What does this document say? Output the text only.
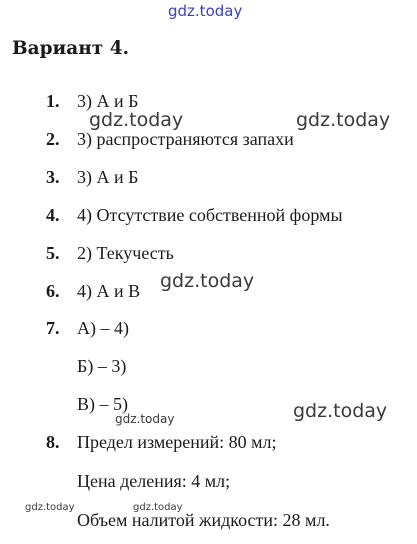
gdz.today
Вариант 4.
1. 3) А и Б
2. 3) распространяются запахи
3. 3) А и Б
4. 4) Отсутствие собственной формы
5. 2) Текучесть
6. 4) А и В
7. А) – 4)
Б) – 3)
В) – 5)
8. Предел измерений: 80 мл;
Цена деления: 4 мл;
Объем налитой жидкости: 28 мл.
gdz.today	gdz.today
gdz.today
gdz.today	gdz.today
gdz.today	gdz.today
